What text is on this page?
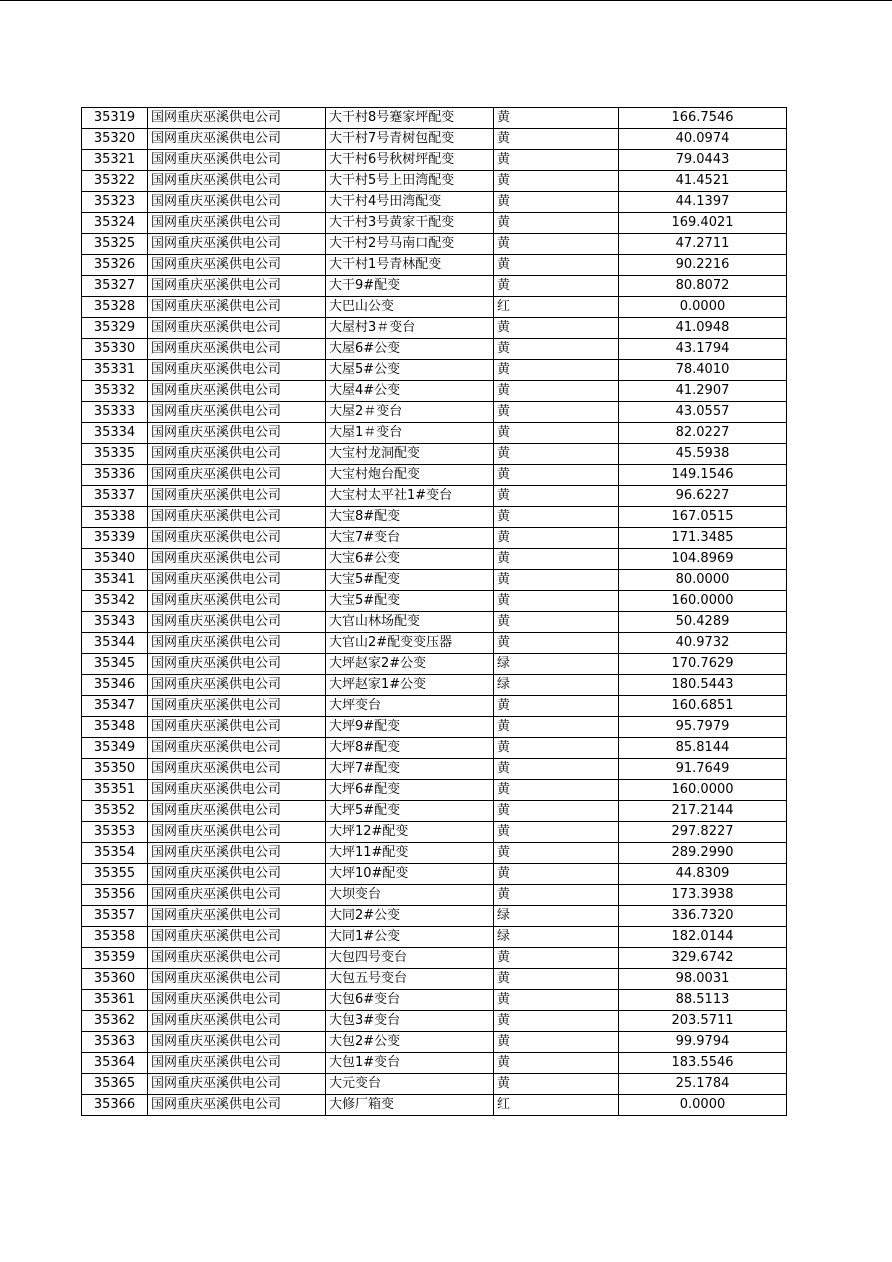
35319	国网重庆巫溪供电公司	大干村8号蹇家坪配变	黄	166.7546
35320	国网重庆巫溪供电公司	大干村7号青树包配变	黄	40.0974
35321	国网重庆巫溪供电公司	大干村6号秋树坪配变	黄	79.0443
35322	国网重庆巫溪供电公司	大干村5号上田湾配变	黄	41.4521
35323	国网重庆巫溪供电公司	大干村4号田湾配变	黄	44.1397
35324	国网重庆巫溪供电公司	大干村3号黄家干配变	黄	169.4021
35325	国网重庆巫溪供电公司	大干村2号马南口配变	黄	47.2711
35326	国网重庆巫溪供电公司	大干村1号青林配变	黄	90.2216
35327	国网重庆巫溪供电公司	大干9#配变	黄	80.8072
35328	国网重庆巫溪供电公司	大巴山公变	红	0.0000
35329	国网重庆巫溪供电公司	大屋村3＃变台	黄	41.0948
35330	国网重庆巫溪供电公司	大屋6#公变	黄	43.1794
35331	国网重庆巫溪供电公司	大屋5#公变	黄	78.4010
35332	国网重庆巫溪供电公司	大屋4#公变	黄	41.2907
35333	国网重庆巫溪供电公司	大屋2＃变台	黄	43.0557
35334	国网重庆巫溪供电公司	大屋1＃变台	黄	82.0227
35335	国网重庆巫溪供电公司	大宝村龙洞配变	黄	45.5938
35336	国网重庆巫溪供电公司	大宝村炮台配变	黄	149.1546
35337	国网重庆巫溪供电公司	大宝村太平社1#变台	黄	96.6227
35338	国网重庆巫溪供电公司	大宝8#配变	黄	167.0515
35339	国网重庆巫溪供电公司	大宝7#变台	黄	171.3485
35340	国网重庆巫溪供电公司	大宝6#公变	黄	104.8969
35341	国网重庆巫溪供电公司	大宝5#配变	黄	80.0000
35342	国网重庆巫溪供电公司	大宝5#配变	黄	160.0000
35343	国网重庆巫溪供电公司	大官山林场配变	黄	50.4289
35344	国网重庆巫溪供电公司	大官山2#配变变压器	黄	40.9732
35345	国网重庆巫溪供电公司	大坪赵家2#公变	绿	170.7629
35346	国网重庆巫溪供电公司	大坪赵家1#公变	绿	180.5443
35347	国网重庆巫溪供电公司	大坪变台	黄	160.6851
35348	国网重庆巫溪供电公司	大坪9#配变	黄	95.7979
35349	国网重庆巫溪供电公司	大坪8#配变	黄	85.8144
35350	国网重庆巫溪供电公司	大坪7#配变	黄	91.7649
35351	国网重庆巫溪供电公司	大坪6#配变	黄	160.0000
35352	国网重庆巫溪供电公司	大坪5#配变	黄	217.2144
35353	国网重庆巫溪供电公司	大坪12#配变	黄	297.8227
35354	国网重庆巫溪供电公司	大坪11#配变	黄	289.2990
35355	国网重庆巫溪供电公司	大坪10#配变	黄	44.8309
35356	国网重庆巫溪供电公司	大坝变台	黄	173.3938
35357	国网重庆巫溪供电公司	大同2#公变	绿	336.7320
35358	国网重庆巫溪供电公司	大同1#公变	绿	182.0144
35359	国网重庆巫溪供电公司	大包四号变台	黄	329.6742
35360	国网重庆巫溪供电公司	大包五号变台	黄	98.0031
35361	国网重庆巫溪供电公司	大包6#变台	黄	88.5113
35362	国网重庆巫溪供电公司	大包3#变台	黄	203.5711
35363	国网重庆巫溪供电公司	大包2#公变	黄	99.9794
35364	国网重庆巫溪供电公司	大包1#变台	黄	183.5546
35365	国网重庆巫溪供电公司	大元变台	黄	25.1784
35366	国网重庆巫溪供电公司	大修厂箱变	红	0.0000
